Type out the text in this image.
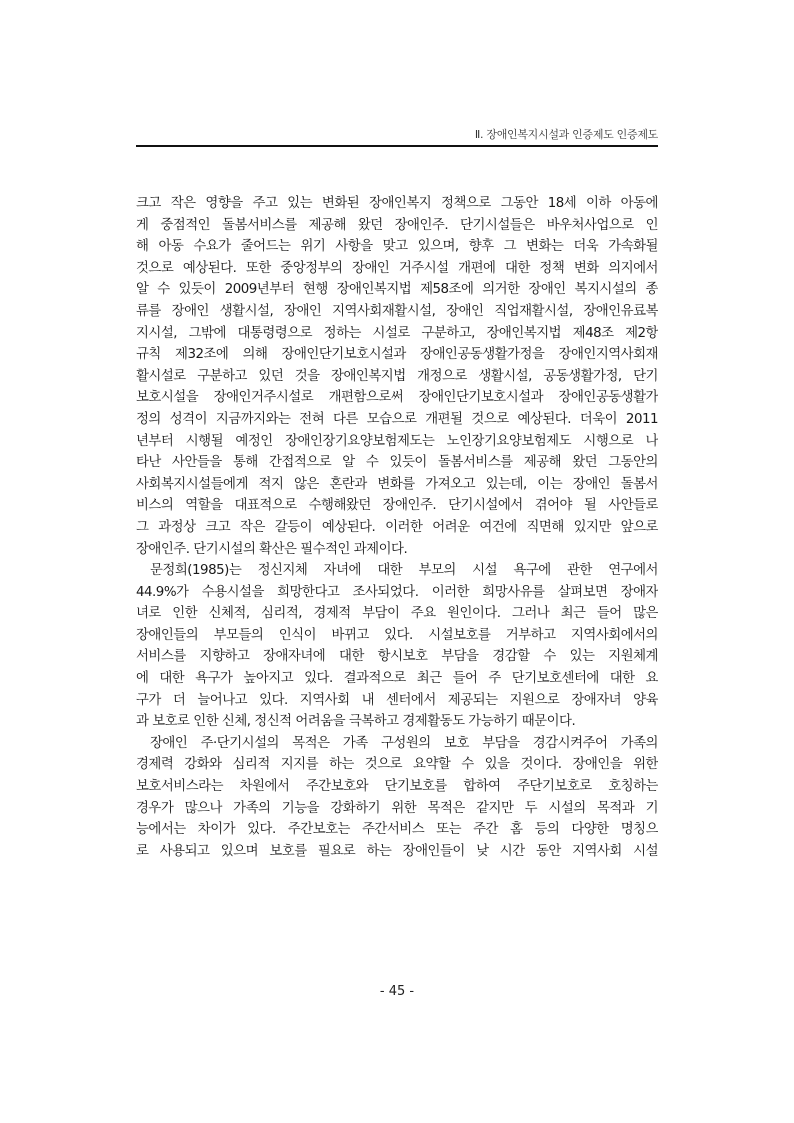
Ⅱ. 장애인복지시설과 인증제도 인증제도
크고 작은 영향을 주고 있는 변화된 장애인복지 정책으로 그동안 18세 이하 아동에
게 중점적인 돌봄서비스를 제공해 왔던 장애인주. 단기시설들은 바우처사업으로 인
해 아동 수요가 줄어드는 위기 사항을 맞고 있으며, 향후 그 변화는 더욱 가속화될
것으로 예상된다. 또한 중앙정부의 장애인 거주시설 개편에 대한 정책 변화 의지에서
알 수 있듯이 2009년부터 현행 장애인복지법 제58조에 의거한 장애인 복지시설의 종
류를 장애인 생활시설, 장애인 지역사회재활시설, 장애인 직업재활시설, 장애인유료복
지시설, 그밖에 대통령령으로 정하는 시설로 구분하고, 장애인복지법 제48조 제2항
규칙 제32조에 의해 장애인단기보호시설과 장애인공동생활가정을 장애인지역사회재
활시설로 구분하고 있던 것을 장애인복지법 개정으로 생활시설, 공동생활가정, 단기
보호시설을 장애인거주시설로 개편함으로써 장애인단기보호시설과 장애인공동생활가
정의 성격이 지금까지와는 전혀 다른 모습으로 개편될 것으로 예상된다. 더욱이 2011
년부터 시행될 예정인 장애인장기요양보험제도는 노인장기요양보험제도 시행으로 나
타난 사안들을 통해 간접적으로 알 수 있듯이 돌봄서비스를 제공해 왔던 그동안의
사회복지시설들에게 적지 않은 혼란과 변화를 가져오고 있는데, 이는 장애인 돌봄서
비스의 역할을 대표적으로 수행해왔던 장애인주. 단기시설에서 겪어야 될 사안들로
그 과정상 크고 작은 갈등이 예상된다. 이러한 어려운 여건에 직면해 있지만 앞으로
장애인주. 단기시설의 확산은 필수적인 과제이다.
문정희(1985)는 정신지체 자녀에 대한 부모의 시설 욕구에 관한 연구에서
44.9%가 수용시설을 희망한다고 조사되었다. 이러한 희망사유를 살펴보면 장애자
녀로 인한 신체적, 심리적, 경제적 부담이 주요 원인이다. 그러나 최근 들어 많은
장애인들의 부모들의 인식이 바뀌고 있다. 시설보호를 거부하고 지역사회에서의
서비스를 지향하고 장애자녀에 대한 항시보호 부담을 경감할 수 있는 지원체계
에 대한 욕구가 높아지고 있다. 결과적으로 최근 들어 주 단기보호센터에 대한 요
구가 더 늘어나고 있다. 지역사회 내 센터에서 제공되는 지원으로 장애자녀 양육
과 보호로 인한 신체, 정신적 어려움을 극복하고 경제활동도 가능하기 때문이다.
장애인 주·단기시설의 목적은 가족 구성원의 보호 부담을 경감시켜주어 가족의
경제력 강화와 심리적 지지를 하는 것으로 요약할 수 있을 것이다. 장애인을 위한
보호서비스라는 차원에서 주간보호와 단기보호를 합하여 주단기보호로 호칭하는
경우가 많으나 가족의 기능을 강화하기 위한 목적은 같지만 두 시설의 목적과 기
능에서는 차이가 있다. 주간보호는 주간서비스 또는 주간 홈 등의 다양한 명칭으
로 사용되고 있으며 보호를 필요로 하는 장애인들이 낮 시간 동안 지역사회 시설
- 45 -
